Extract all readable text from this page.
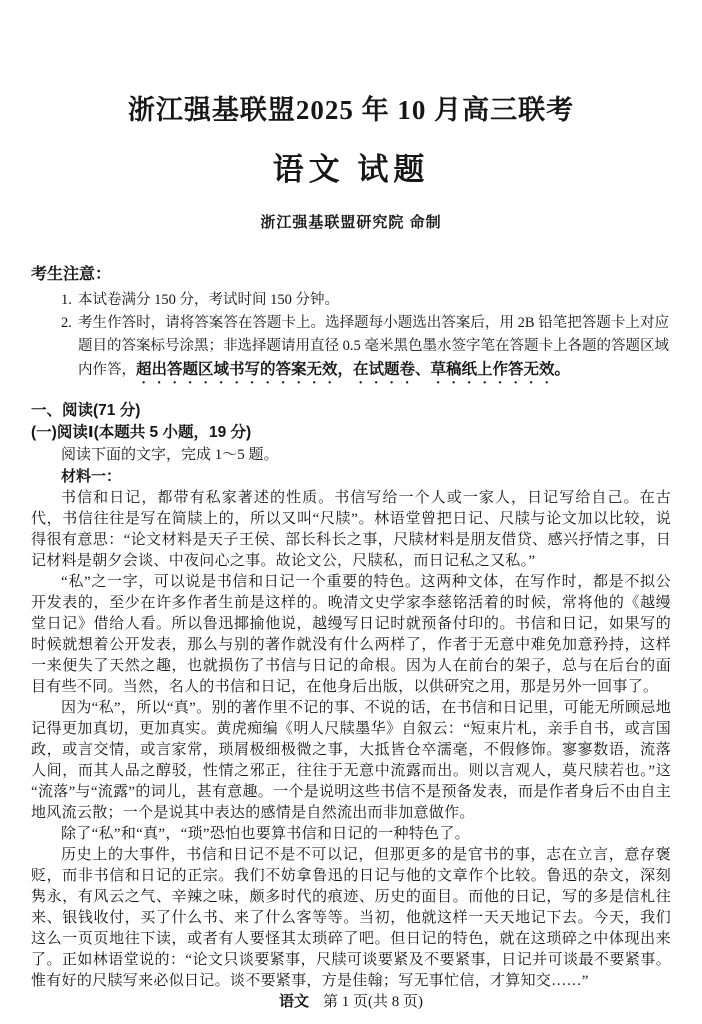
浙江强基联盟2025 年 10 月高三联考
语文 试题
浙江强基联盟研究院 命制
考生注意：
1. 本试卷满分 150 分，考试时间 150 分钟。
2. 考生作答时，请将答案答在答题卡上。选择题每小题选出答案后，用 2B 铅笔把答题卡上对应题目的答案标号涂黑；非选择题请用直径 0.5 毫米黑色墨水签字笔在答题卡上各题的答题区域内作答，超出答题区域书写的答案无效，在试题卷、草稿纸上作答无效。
一、阅读(71 分)
(一)阅读Ⅰ(本题共 5 小题，19 分)
阅读下面的文字，完成 1～5 题。
材料一：

书信和日记，都带有私家著述的性质。书信写给一个人或一家人，日记写给自己。在古代，书信往往是写在简牍上的，所以又叫“尺牍”。林语堂曾把日记、尺牍与论文加以比较，说得很有意思：“论文材料是天子王侯、部长科长之事，尺牍材料是朋友借贷、感兴抒情之事，日记材料是朝夕会谈、中夜问心之事。故论文公，尺牍私，而日记私之又私。”

“私”之一字，可以说是书信和日记一个重要的特色。这两种文体，在写作时，都是不拟公开发表的，至少在许多作者生前是这样的。晚清文史学家李慈铭活着的时候，常将他的《越缦堂日记》借给人看。所以鲁迅揶揄他说，越缦写日记时就预备付印的。书信和日记，如果写的时候就想着公开发表，那么与别的著作就没有什么两样了，作者于无意中难免加意矜持，这样一来便失了天然之趣，也就损伤了书信与日记的命根。因为人在前台的架子，总与在后台的面目有些不同。当然，名人的书信和日记，在他身后出版，以供研究之用，那是另外一回事了。

因为“私”，所以“真”。别的著作里不记的事、不说的话，在书信和日记里，可能无所顾忌地记得更加真切，更加真实。黄虎痴编《明人尺牍墨华》自叙云：“短束片札，亲手自书，或言国政，或言交情，或言家常，琐屑极细极微之事，大抵皆仓卒濡毫，不假修饰。寥寥数语，流落人间，而其人品之醇驳，性情之邪正，往往于无意中流露而出。则以言观人，莫尺牍若也。”这“流落”与“流露”的词儿，甚有意趣。一个是说明这些书信不是预备发表，而是作者身后不由自主地风流云散；一个是说其中表达的感情是自然流出而非加意做作。

除了“私”和“真”，“琐”恐怕也要算书信和日记的一种特色了。

历史上的大事件，书信和日记不是不可以记，但那更多的是官书的事，志在立言，意存褒贬，而非书信和日记的正宗。我们不妨拿鲁迅的日记与他的文章作个比较。鲁迅的杂文，深刻隽永，有风云之气、辛辣之味，颇多时代的痕迹、历史的面目。而他的日记，写的多是信札往来、银钱收付，买了什么书、来了什么客等等。当初，他就这样一天天地记下去。今天，我们这么一页页地往下读，或者有人要怪其太琐碎了吧。但日记的特色，就在这琐碎之中体现出来了。正如林语堂说的：“论文只谈要紧事，尺牍可谈要紧及不要紧事，日记并可谈最不要紧事。惟有好的尺牍写来必似日记。谈不要紧事，方是佳翰；写无事忙信，才算知交……”

语文 第 1 页(共 8 页)
